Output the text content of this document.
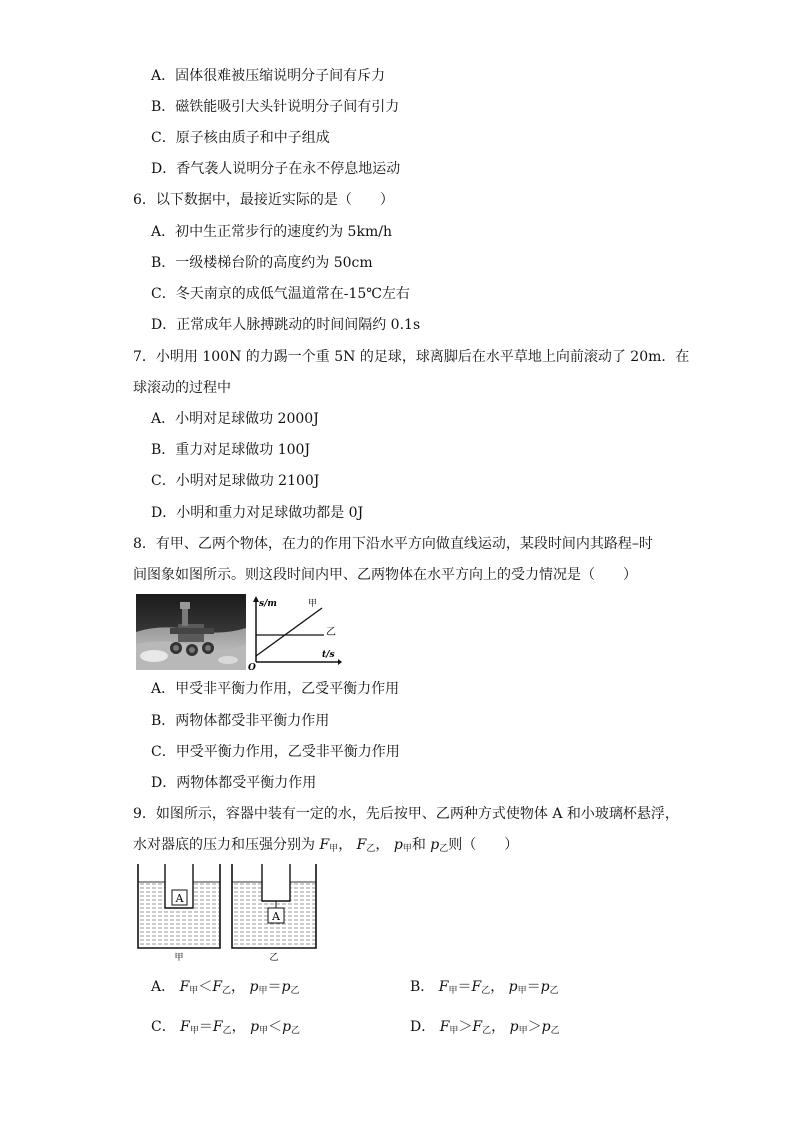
A．固体很难被压缩说明分子间有斥力
B．磁铁能吸引大头针说明分子间有引力
C．原子核由质子和中子组成
D．香气袭人说明分子在永不停息地运动
6．以下数据中，最接近实际的是（　　）
A．初中生正常步行的速度约为 5km/h
B．一级楼梯台阶的高度约为 50cm
C．冬天南京的成低气温道常在-15℃左右
D．正常成年人脉搏跳动的时间间隔约 0.1s
7．小明用 100N 的力踢一个重 5N 的足球，球离脚后在水平草地上向前滚动了 20m．在
球滚动的过程中
A．小明对足球做功 2000J
B．重力对足球做功 100J
C．小明对足球做功 2100J
D．小明和重力对足球做功都是 0J
8．有甲、乙两个物体，在力的作用下沿水平方向做直线运动，某段时间内其路程–时
间图象如图所示。则这段时间内甲、乙两物体在水平方向上的受力情况是（　　）
s/m
t/s
O
甲
乙
A．甲受非平衡力作用，乙受平衡力作用
B．两物体都受非平衡力作用
C．甲受平衡力作用，乙受非平衡力作用
D．两物体都受平衡力作用
9．如图所示，容器中装有一定的水，先后按甲、乙两种方式使物体 A 和小玻璃杯悬浮，
水对器底的压力和压强分别为 $F_甲$， $F_乙$， $p_甲$和 $p_乙$则（　　）
A
甲
A
乙
A． $F_甲<F_乙$， $p_甲=p_乙$	B． $F_甲=F_乙$， $p_甲=p_乙$
C． $F_甲=F_乙$， $p_甲<p_乙$	D． $F_甲>F_乙$， $p_甲>p_乙$
